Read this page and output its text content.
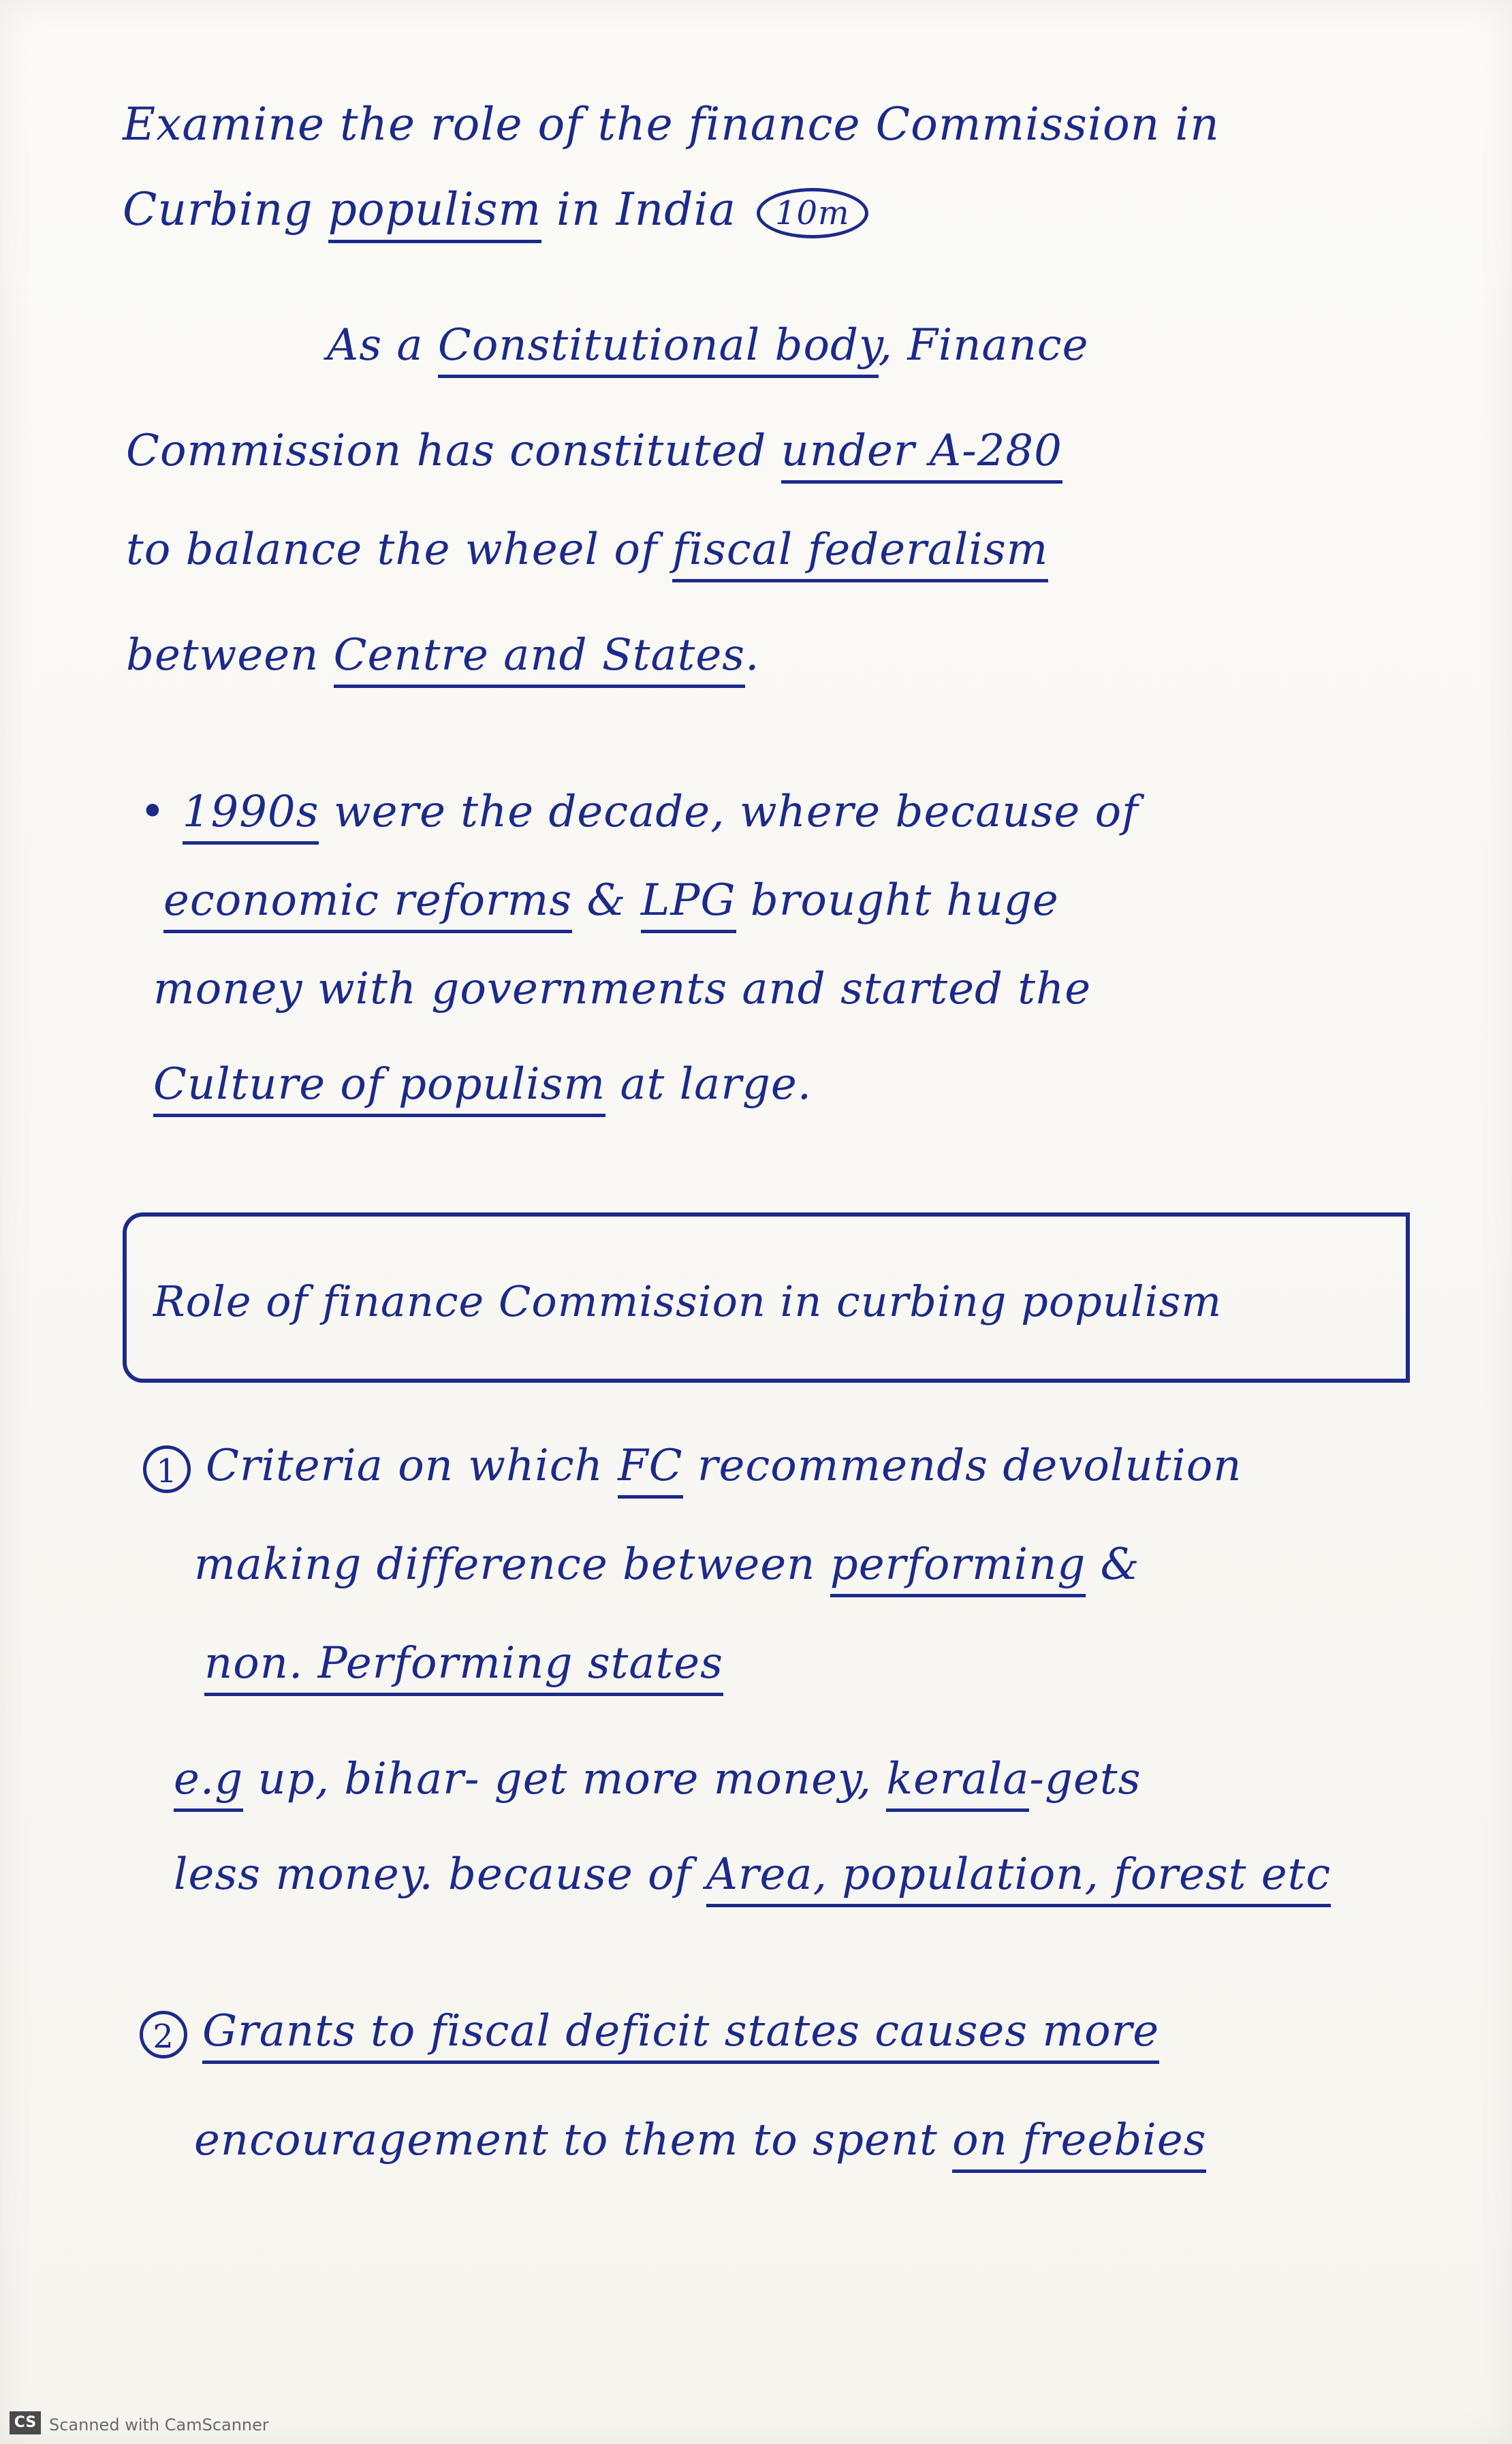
Examine the role of the finance Commission in
Curbing populism in India 10m
As a Constitutional body, Finance
Commission has constituted under A-280
to balance the wheel of fiscal federalism
between Centre and States.
• 1990s were the decade, where because of
economic reforms & LPG brought huge
money with governments and started the
Culture of populism at large.
Role of finance Commission in curbing populism
1 Criteria on which FC recommends devolution
making difference between performing &
non. Performing states
e.g up, bihar- get more money, kerala-gets
less money. because of Area, population, forest etc
2 Grants to fiscal deficit states causes more
encouragement to them to spent on freebies
CS Scanned with CamScanner
